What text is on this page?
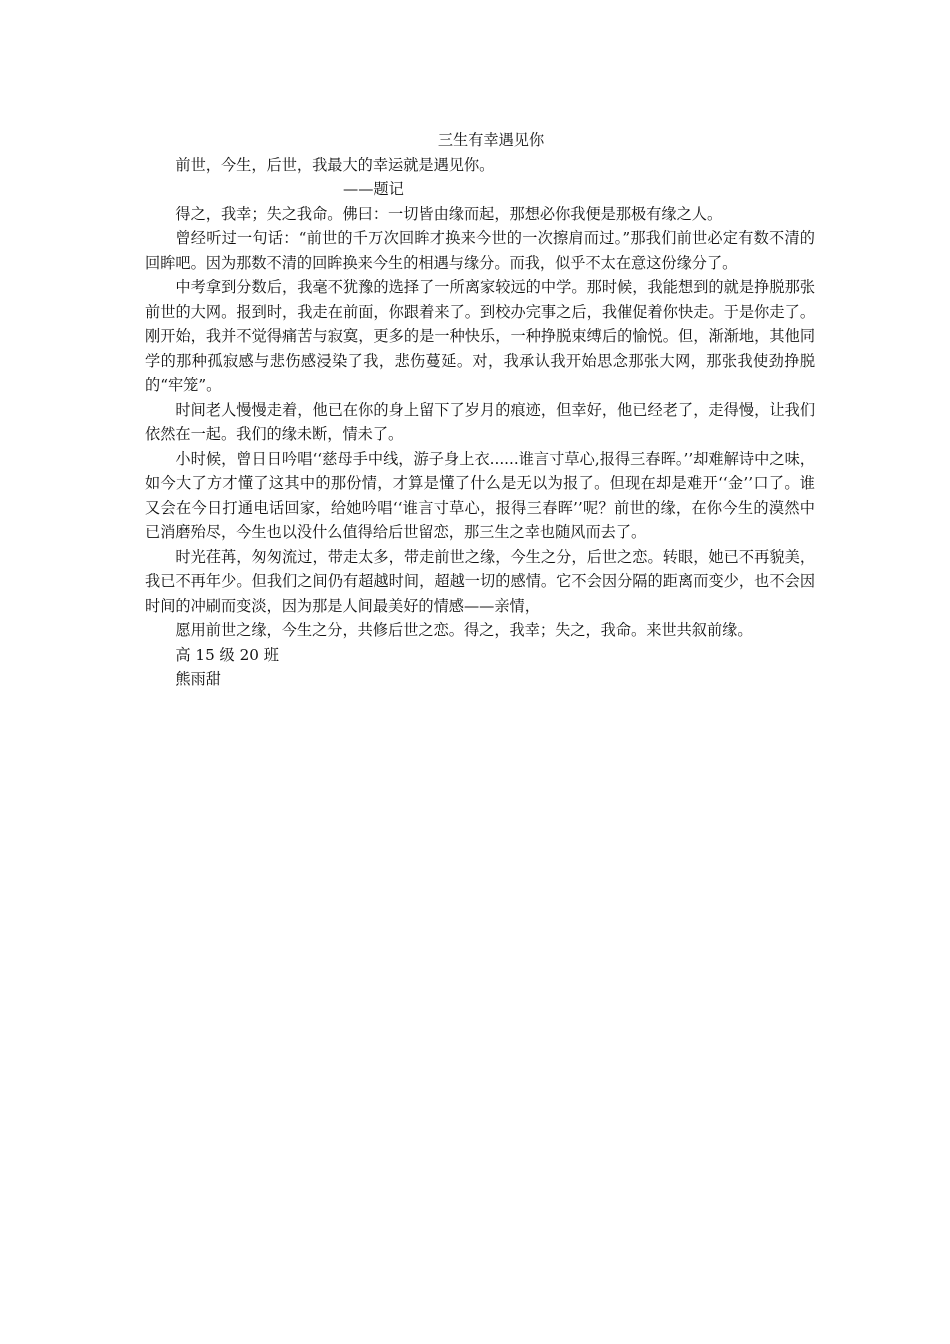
三生有幸遇见你

前世，今生，后世，我最大的幸运就是遇见你。

——题记

得之，我幸；失之我命。佛曰：一切皆由缘而起，那想必你我便是那极有缘之人。

曾经听过一句话：“前世的千万次回眸才换来今世的一次擦肩而过。”那我们前世必定有数不清的回眸吧。因为那数不清的回眸换来今生的相遇与缘分。而我，似乎不太在意这份缘分了。

中考拿到分数后，我毫不犹豫的选择了一所离家较远的中学。那时候，我能想到的就是挣脱那张前世的大网。报到时，我走在前面，你跟着来了。到校办完事之后，我催促着你快走。于是你走了。刚开始，我并不觉得痛苦与寂寞，更多的是一种快乐，一种挣脱束缚后的愉悦。但，渐渐地，其他同学的那种孤寂感与悲伤感浸染了我，悲伤蔓延。对，我承认我开始思念那张大网，那张我使劲挣脱的“牢笼”。

时间老人慢慢走着，他已在你的身上留下了岁月的痕迹，但幸好，他已经老了，走得慢，让我们依然在一起。我们的缘未断，情未了。

小时候，曾日日吟唱‘‘慈母手中线，游子身上衣......谁言寸草心,报得三春晖。’’却难解诗中之味，如今大了方才懂了这其中的那份情，才算是懂了什么是无以为报了。但现在却是难开‘‘金’’口了。谁又会在今日打通电话回家，给她吟唱‘‘谁言寸草心，报得三春晖’’呢？前世的缘，在你今生的漠然中已消磨殆尽，今生也以没什么值得给后世留恋，那三生之幸也随风而去了。

时光荏苒，匆匆流过，带走太多，带走前世之缘，今生之分，后世之恋。转眼，她已不再貌美，我已不再年少。但我们之间仍有超越时间，超越一切的感情。它不会因分隔的距离而变少，也不会因时间的冲刷而变淡，因为那是人间最美好的情感——亲情，

愿用前世之缘，今生之分，共修后世之恋。得之，我幸；失之，我命。来世共叙前缘。

高 15 级 20 班

熊雨甜
